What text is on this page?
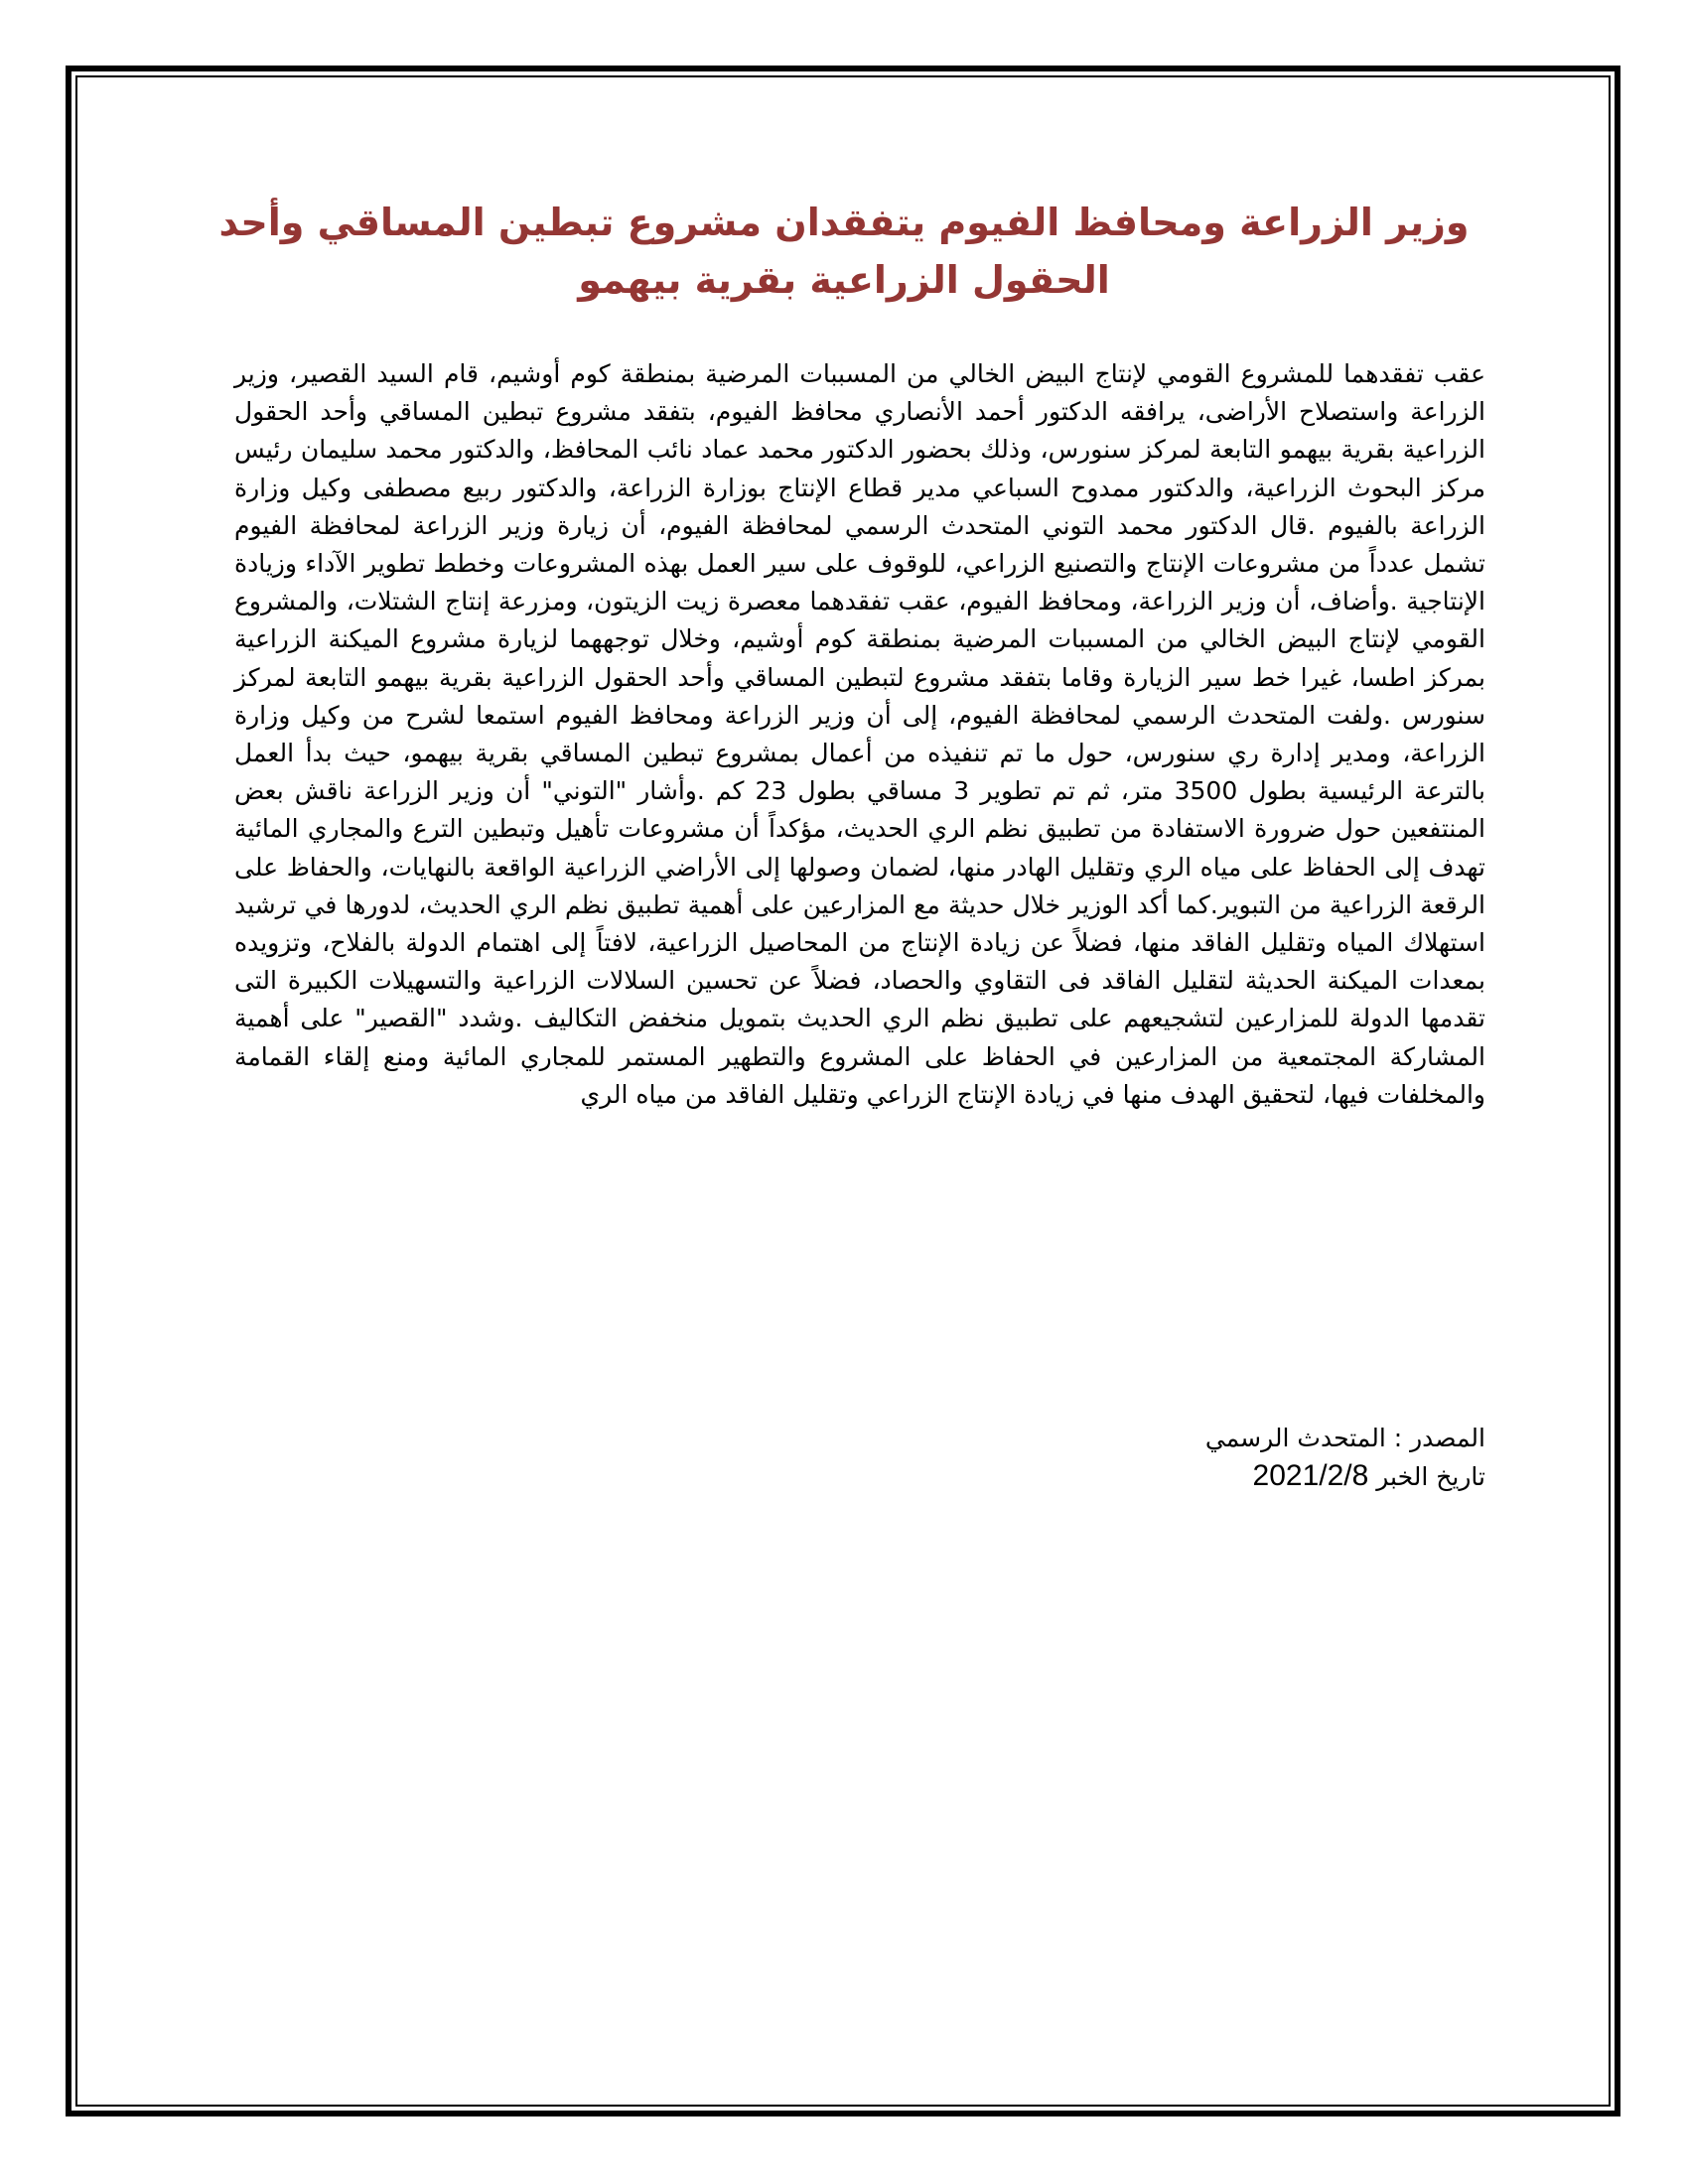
وزير الزراعة ومحافظ الفيوم يتفقدان مشروع تبطين المساقي وأحد الحقول الزراعية بقرية بيهمو

عقب تفقدهما للمشروع القومي لإنتاج البيض الخالي من المسببات المرضية بمنطقة كوم أوشيم، قام السيد القصير، وزير الزراعة واستصلاح الأراضى، يرافقه الدكتور أحمد الأنصاري محافظ الفيوم، بتفقد مشروع تبطين المساقي وأحد الحقول الزراعية بقرية بيهمو التابعة لمركز سنورس، وذلك بحضور الدكتور محمد عماد نائب المحافظ، والدكتور محمد سليمان رئيس مركز البحوث الزراعية، والدكتور ممدوح السباعي مدير قطاع الإنتاج بوزارة الزراعة، والدكتور ربيع مصطفى وكيل وزارة الزراعة بالفيوم .قال الدكتور محمد التوني المتحدث الرسمي لمحافظة الفيوم، أن زيارة وزير الزراعة لمحافظة الفيوم تشمل عدداً من مشروعات الإنتاج والتصنيع الزراعي، للوقوف على سير العمل بهذه المشروعات وخطط تطوير الآداء وزيادة الإنتاجية .وأضاف، أن وزير الزراعة، ومحافظ الفيوم، عقب تفقدهما معصرة زيت الزيتون، ومزرعة إنتاج الشتلات، والمشروع القومي لإنتاج البيض الخالي من المسببات المرضية بمنطقة كوم أوشيم، وخلال توجههما لزيارة مشروع الميكنة الزراعية بمركز اطسا، غيرا خط سير الزيارة وقاما بتفقد مشروع لتبطين المساقي وأحد الحقول الزراعية بقرية بيهمو التابعة لمركز سنورس .ولفت المتحدث الرسمي لمحافظة الفيوم، إلى أن وزير الزراعة ومحافظ الفيوم استمعا لشرح من وكيل وزارة الزراعة، ومدير إدارة ري سنورس، حول ما تم تنفيذه من أعمال بمشروع تبطين المساقي بقرية بيهمو، حيث بدأ العمل بالترعة الرئيسية بطول 3500 متر، ثم تم تطوير 3 مساقي بطول 23 كم .وأشار "التوني" أن وزير الزراعة ناقش بعض المنتفعين حول ضرورة الاستفادة من تطبيق نظم الري الحديث، مؤكداً أن مشروعات تأهيل وتبطين الترع والمجاري المائية تهدف إلى الحفاظ على مياه الري وتقليل الهادر منها، لضمان وصولها إلى الأراضي الزراعية الواقعة بالنهايات، والحفاظ على الرقعة الزراعية من التبوير.كما أكد الوزير خلال حديثة مع المزارعين على أهمية تطبيق نظم الري الحديث، لدورها في ترشيد استهلاك المياه وتقليل الفاقد منها، فضلاً عن زيادة الإنتاج من المحاصيل الزراعية، لافتاً إلى اهتمام الدولة بالفلاح، وتزويده بمعدات الميكنة الحديثة لتقليل الفاقد فى التقاوي والحصاد، فضلاً عن تحسين السلالات الزراعية والتسهيلات الكبيرة التى تقدمها الدولة للمزارعين لتشجيعهم على تطبيق نظم الري الحديث بتمويل منخفض التكاليف .وشدد "القصير" على أهمية المشاركة المجتمعية من المزارعين في الحفاظ على المشروع والتطهير المستمر للمجاري المائية ومنع إلقاء القمامة والمخلفات فيها، لتحقيق الهدف منها في زيادة الإنتاج الزراعي وتقليل الفاقد من مياه الري

المصدر : المتحدث الرسمي

تاريخ الخبر 2021/2/8
